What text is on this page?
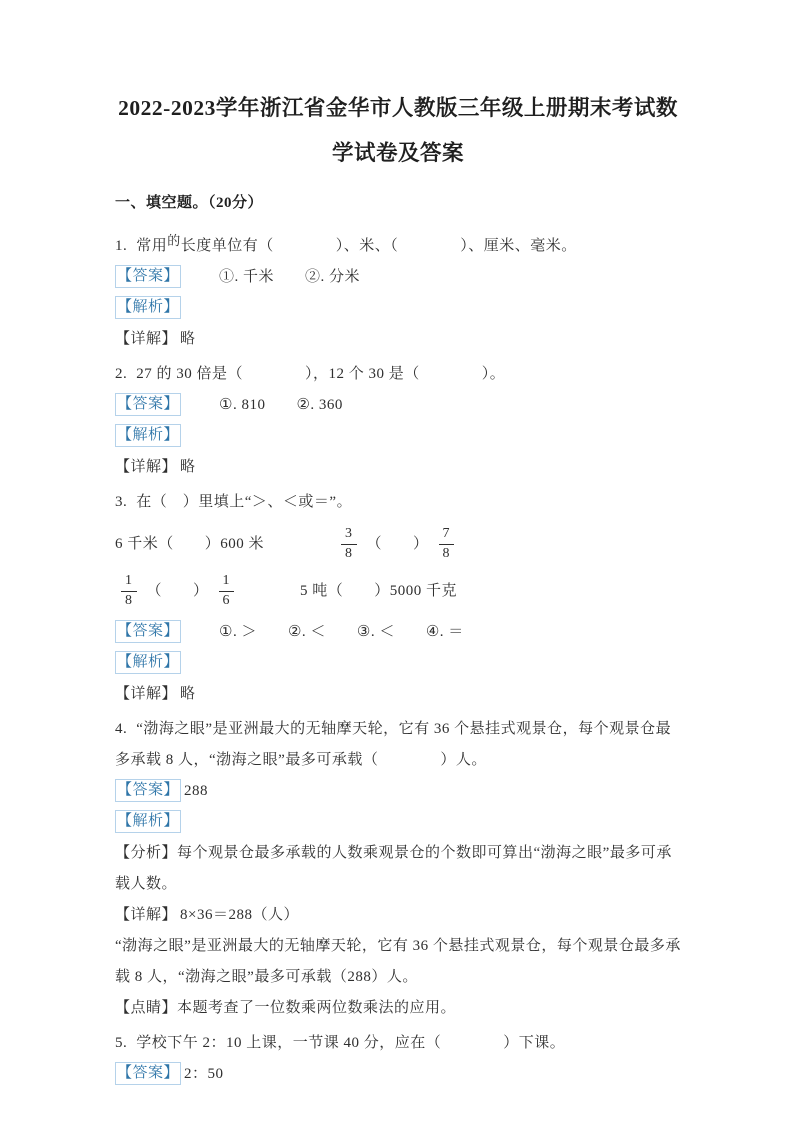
2022-2023学年浙江省金华市人教版三年级上册期末考试数
学试卷及答案
一、填空题。（20分）

1. 常用的长度单位有（　　　　）、米、（　　　　）、厘米、毫米。

【答案】	①. 千米　　②. 分米

【解析】

【详解】 略

2. 27 的 30 倍是（　　　　），12 个 30 是（　　　　）。

【答案】	①. 810　　②. 360

【解析】

【详解】 略

3. 在（　）里填上“＞、＜或＝”。

6 千米（　　）600 米	$\frac{3}{8}$ （　　） $\frac{7}{8}$
$\frac{1}{8}$ （　　） $\frac{1}{6}$	5 吨（　　）5000 千克

【答案】	①. ＞　　②. ＜　　③. ＜　　④. ＝

【解析】

【详解】 略

4. “渤海之眼”是亚洲最大的无轴摩天轮，它有 36 个悬挂式观景仓，每个观景仓最多承载 8 人，“渤海之眼”最多可承载（　　　　）人。

【答案】 288

【解析】

【分析】每个观景仓最多承载的人数乘观景仓的个数即可算出“渤海之眼”最多可承载人数。

【详解】 8×36＝288（人）

“渤海之眼”是亚洲最大的无轴摩天轮，它有 36 个悬挂式观景仓，每个观景仓最多承载 8 人，“渤海之眼”最多可承载（288）人。

【点睛】本题考查了一位数乘两位数乘法的应用。

5. 学校下午 2：10 上课，一节课 40 分，应在（　　　　）下课。

【答案】 2：50
